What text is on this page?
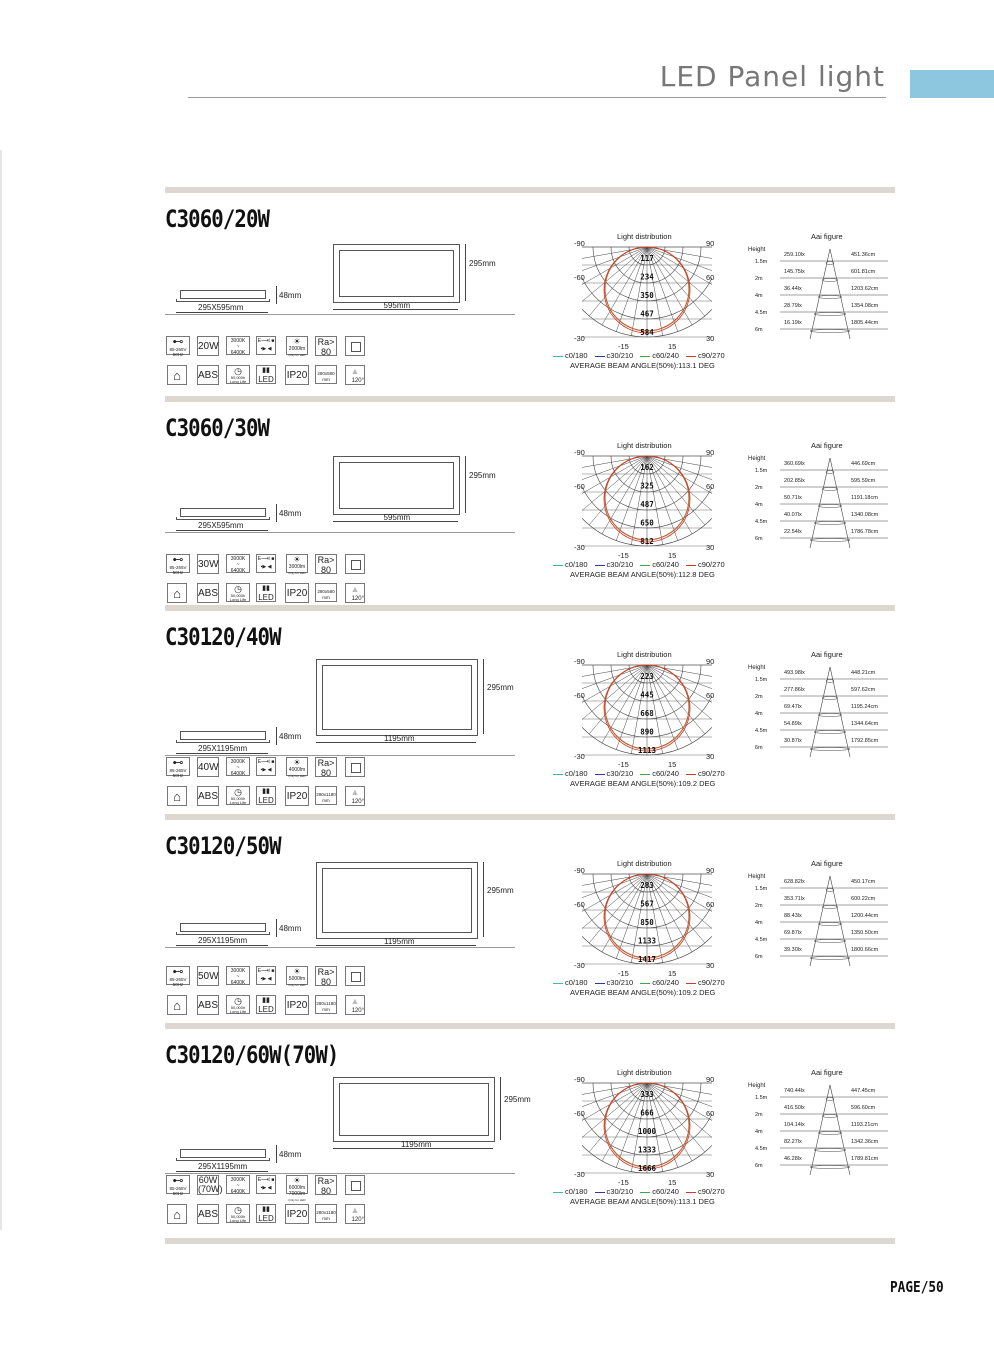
LED Panel light
C3060/20W
295mm
595mm
48mm
295X595mm
⊷
85-265V
50Hz
20W	3000K
~
6400K
E⟶ℓ ■
▪▶ ◀
☀
2000lm
Only for LED
Ra>
80
⌂	ABS	◷
50,000h
Long Life
▮▮
LED IP20	280x580
mm
▲
120°
Light distribution
117
234
350
467
584
-90	90
-60	60
-30	30
-15	15
c0/180	c30/210	c60/240	c90/270
AVERAGE BEAM ANGLE(50%):113.1 DEG
Aai figure
Height
1.5m
259.10lx	451.36cm
2m
145.75lx	601.81cm
4m
36.44lx	1203.62cm
4.5m
28.79lx	1354.08cm
6m
16.19lx	1805.44cm
C3060/30W
295mm
595mm
48mm
295X595mm
⊷
85-265V
50Hz
30W	3000K
~
6400K
E⟶ℓ ■
▪▶ ◀
☀
3000lm
Only for LED
Ra>
80
⌂	ABS	◷
50,000h
Long Life
▮▮
LED IP20	280x580
mm
▲
120°
Light distribution
162
325
487
650
812
-90	90
-60	60
-30	30
-15	15
c0/180	c30/210	c60/240	c90/270
AVERAGE BEAM ANGLE(50%):112.8 DEG
Aai figure
Height
1.5m
360.69lx	446.69cm
2m
202.85lx	595.59cm
4m
50.71lx	1191.18cm
4.5m
40.07lx	1340.08cm
6m
22.54lx	1786.78cm
C30120/40W
295mm
1195mm
48mm
295X1195mm
⊷
85-265V
50Hz
40W	3000K
~
6400K
E⟶ℓ ■
▪▶ ◀
☀
4000lm
Only for LED
Ra>
80
⌂	ABS	◷
50,000h
Long Life
▮▮
LED IP20 280x1180
mm
▲
120°
Light distribution
223
445
668
890
1113
-90	90
-60	60
-30	30
-15	15
c0/180	c30/210	c60/240	c90/270
AVERAGE BEAM ANGLE(50%):109.2 DEG
Aai figure
Height
1.5m
493.98lx	448.21cm
2m
277.86lx	597.62cm
4m
69.47lx	1195.24cm
4.5m
54.89lx	1344.64cm
6m
30.87lx	1792.85cm
C30120/50W
295mm
1195mm
48mm
295X1195mm
⊷
85-265V
50Hz
50W	3000K
~
6400K
E⟶ℓ ■
▪▶ ◀
☀
5000lm
Only for LED
Ra>
80
⌂	ABS	◷
50,000h
Long Life
▮▮
LED IP20 280x1180
mm
▲
120°
Light distribution
283
567
850
1133
1417
-90	90
-60	60
-30	30
-15	15
c0/180	c30/210	c60/240	c90/270
AVERAGE BEAM ANGLE(50%):109.2 DEG
Aai figure
Height
1.5m
628.82lx	450.17cm
2m
353.71lx	600.22cm
4m
88.43lx	1200.44cm
4.5m
69.87lx	1350.50cm
6m
39.30lx	1800.66cm
C30120/60W(70W)
295mm
1195mm
48mm
295X1195mm
⊷
85-265V
50Hz
60W
(70W)
3000K
~
6400K
E⟶ℓ ■
▪▶ ◀
☀
6000lm
7000lm
Only for LED
Ra>
80
⌂	ABS	◷
50,000h
Long Life
▮▮
LED IP20 280x1180
mm
▲
120°
Light distribution
333
666
1000
1333
1666
-90	90
-60	60
-30	30
-15	15
c0/180	c30/210	c60/240	c90/270
AVERAGE BEAM ANGLE(50%):113.1 DEG
Aai figure
Height
1.5m
740.44lx	447.45cm
2m
416.50lx	596.60cm
4m
104.14lx	1193.21cm
4.5m
82.27lx	1342.36cm
6m
46.28lx	1789.81cm
PAGE/50
